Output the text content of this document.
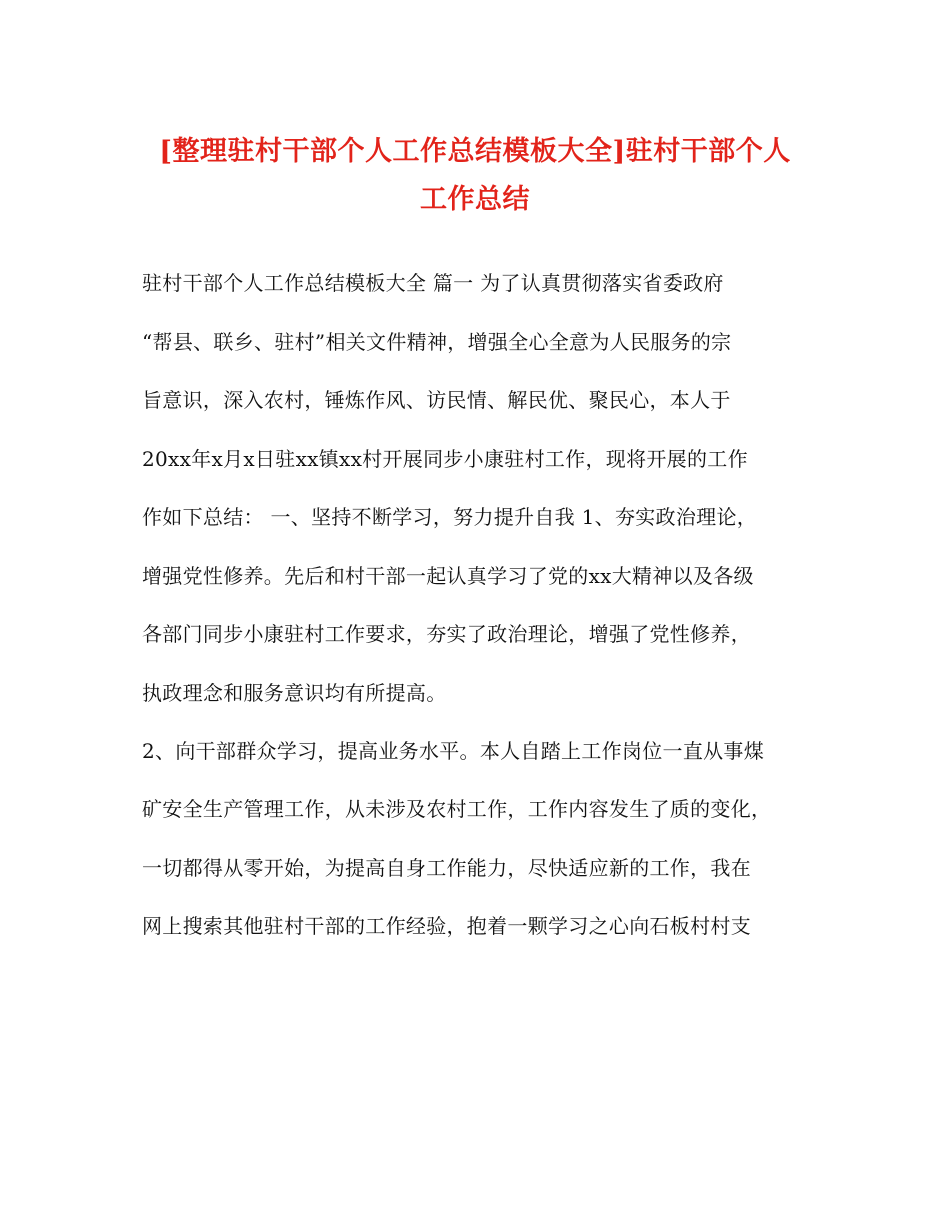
[整理驻村干部个人工作总结模板大全]驻村干部个人
工作总结
驻村干部个人工作总结模板大全 篇一 为了认真贯彻落实省委政府
“帮县、联乡、驻村”相关文件精神，增强全心全意为人民服务的宗
旨意识，深入农村，锤炼作风、访民情、解民优、聚民心，本人于
20xx年x月x日驻xx镇xx村开展同步小康驻村工作，现将开展的工作
作如下总结： 一、坚持不断学习，努力提升自我 1、夯实政治理论，
增强党性修养。先后和村干部一起认真学习了党的xx大精神以及各级
各部门同步小康驻村工作要求，夯实了政治理论，增强了党性修养，
执政理念和服务意识均有所提高。
2、向干部群众学习，提高业务水平。本人自踏上工作岗位一直从事煤
矿安全生产管理工作，从未涉及农村工作，工作内容发生了质的变化，
一切都得从零开始，为提高自身工作能力，尽快适应新的工作，我在
网上搜索其他驻村干部的工作经验，抱着一颗学习之心向石板村村支
